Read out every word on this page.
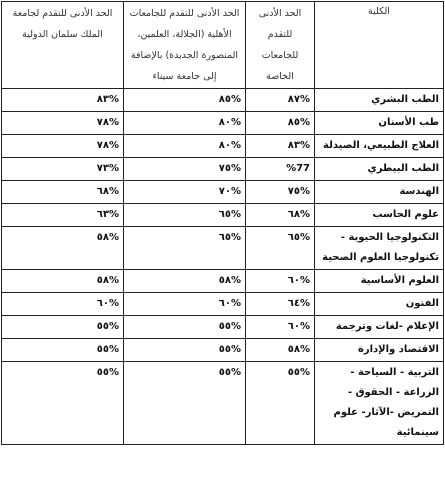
الكلية	الحد الأدنى للتقدم للجامعات الخاصة	الحد الأدنى للتقدم للجامعات الأهلية (الجلالة، العلمين، المنصورة الجديدة) بالإضافة إلى جامعة سيناء	الحد الأدنى للتقدم لجامعة الملك سلمان الدولية
الطب البشري	%٨٧	%٨٥	%٨٣
طب الأسنان	%٨٥	%٨٠	%٧٨
العلاج الطبيعي، الصيدلة	%٨٣	%٨٠	%٧٨
الطب البيطري	%77	%٧٥	%٧٣
الهندسة	%٧٥	%٧٠	%٦٨
علوم الحاسب	%٦٨	%٦٥	%٦٣
التكنولوجيا الحيوية - تكنولوجيا العلوم الصحية	%٦٥	%٦٥	%٥٨
العلوم الأساسية	%٦٠	%٥٨	%٥٨
الفنون	%٦٤	%٦٠	%٦٠
الإعلام -لغات وترجمة	%٦٠	%٥٥	%٥٥
الاقتصاد والإدارة	%٥٨	%٥٥	%٥٥
التربية - السياحة - الزراعة - الحقوق - التمريض -الآثار- علوم سينمائية	%٥٥	%٥٥	%٥٥
